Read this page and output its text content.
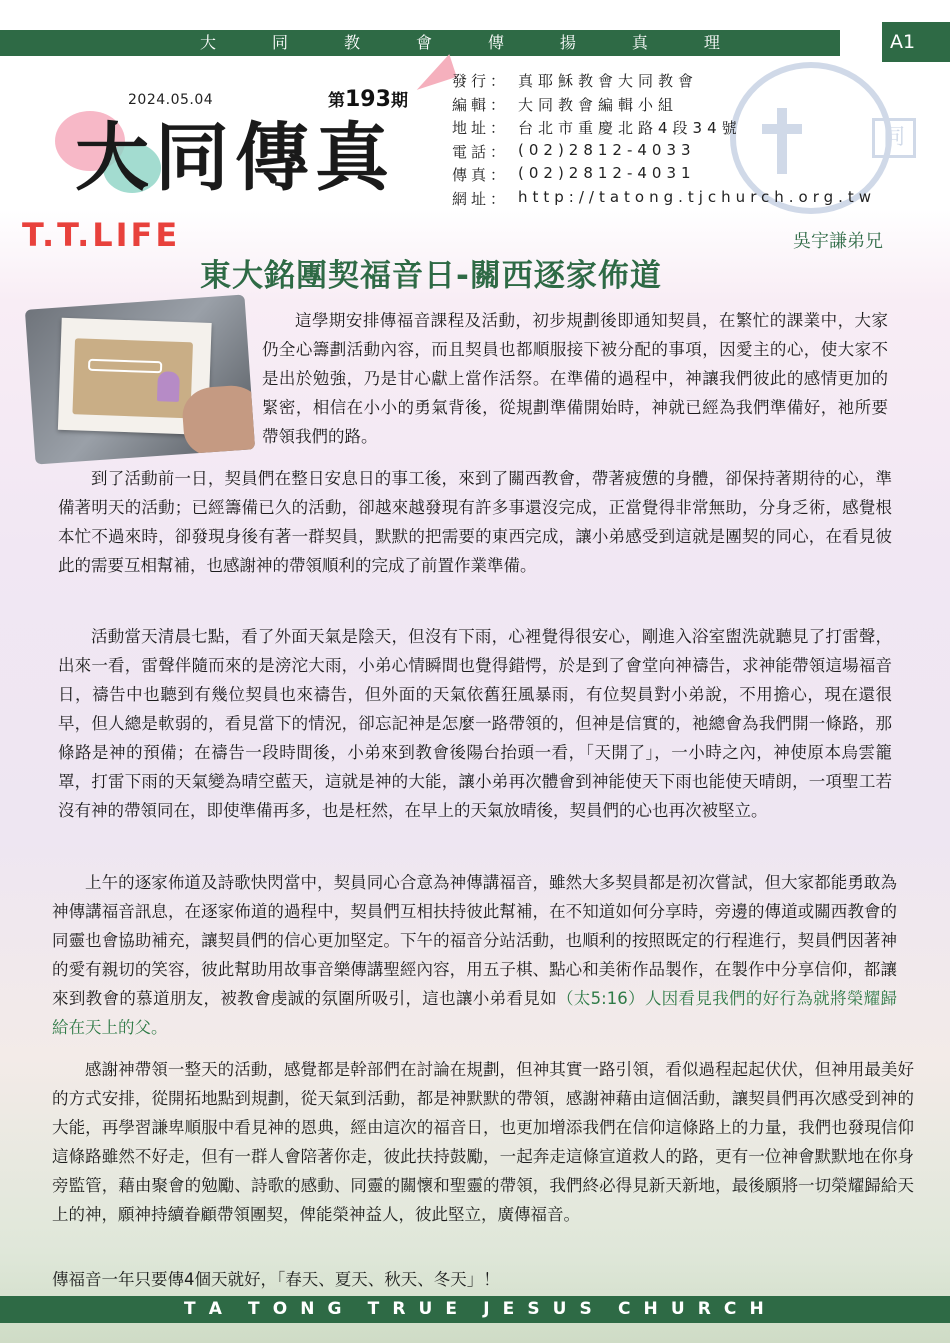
大	同	教	會	傳	揚	真	理	A1
2024.05.04	第193期
大同傳真	同
發行： 真耶穌教會大同教會
編輯： 大同教會編輯小組
地址： 台北市重慶北路4段34號
電話： (02)2812-4033
傳真： (02)2812-4031
網址： http://tatong.tjchurch.org.tw
T.T.LIFE	吳宇謙弟兄
東大銘團契福音日-關西逐家佈道
這學期安排傳福音課程及活動，初步規劃後即通知契員，在繁忙的課業中，大家仍全心籌劃活動內容，而且契員也都順服接下被分配的事項，因愛主的心，使大家不是出於勉強，乃是甘心獻上當作活祭。在準備的過程中，神讓我們彼此的感情更加的緊密，相信在小小的勇氣背後，從規劃準備開始時，神就已經為我們準備好，祂所要帶領我們的路。
到了活動前一日，契員們在整日安息日的事工後，來到了關西教會，帶著疲憊的身體，卻保持著期待的心，準備著明天的活動；已經籌備已久的活動，卻越來越發現有許多事還沒完成，正當覺得非常無助，分身乏術，感覺根本忙不過來時，卻發現身後有著一群契員，默默的把需要的東西完成，讓小弟感受到這就是團契的同心，在看見彼此的需要互相幫補，也感謝神的帶領順利的完成了前置作業準備。
活動當天清晨七點，看了外面天氣是陰天，但沒有下雨，心裡覺得很安心，剛進入浴室盥洗就聽見了打雷聲，出來一看，雷聲伴隨而來的是滂沱大雨，小弟心情瞬間也覺得錯愕，於是到了會堂向神禱告，求神能帶領這場福音日，禱告中也聽到有幾位契員也來禱告，但外面的天氣依舊狂風暴雨，有位契員對小弟說，不用擔心，現在還很早，但人總是軟弱的，看見當下的情況，卻忘記神是怎麼一路帶領的，但神是信實的，祂總會為我們開一條路，那條路是神的預備；在禱告一段時間後，小弟來到教會後陽台抬頭一看，「天開了」，一小時之內，神使原本烏雲籠罩，打雷下雨的天氣變為晴空藍天，這就是神的大能，讓小弟再次體會到神能使天下雨也能使天晴朗，一項聖工若沒有神的帶領同在，即使準備再多，也是枉然，在早上的天氣放晴後，契員們的心也再次被堅立。
上午的逐家佈道及詩歌快閃當中，契員同心合意為神傳講福音，雖然大多契員都是初次嘗試，但大家都能勇敢為神傳講福音訊息，在逐家佈道的過程中，契員們互相扶持彼此幫補，在不知道如何分享時，旁邊的傳道或關西教會的同靈也會協助補充，讓契員們的信心更加堅定。下午的福音分站活動，也順利的按照既定的行程進行，契員們因著神的愛有親切的笑容，彼此幫助用故事音樂傳講聖經內容，用五子棋、點心和美術作品製作，在製作中分享信仰，都讓來到教會的慕道朋友，被教會虔誠的氛圍所吸引，這也讓小弟看見如（太5:16）人因看見我們的好行為就將榮耀歸給在天上的父。
感謝神帶領一整天的活動，感覺都是幹部們在討論在規劃，但神其實一路引領，看似過程起起伏伏，但神用最美好的方式安排，從開拓地點到規劃，從天氣到活動，都是神默默的帶領，感謝神藉由這個活動，讓契員們再次感受到神的大能，再學習謙卑順服中看見神的恩典，經由這次的福音日，也更加增添我們在信仰這條路上的力量，我們也發現信仰這條路雖然不好走，但有一群人會陪著你走，彼此扶持鼓勵，一起奔走這條宣道救人的路，更有一位神會默默地在你身旁監管，藉由聚會的勉勵、詩歌的感動、同靈的關懷和聖靈的帶領，我們終必得見新天新地，最後願將一切榮耀歸給天上的神，願神持續眷顧帶領團契，俾能榮神益人，彼此堅立，廣傳福音。
傳福音一年只要傳4個天就好，「春天、夏天、秋天、冬天」！
T A T O N G T R U E J E S U S C H U R C H
